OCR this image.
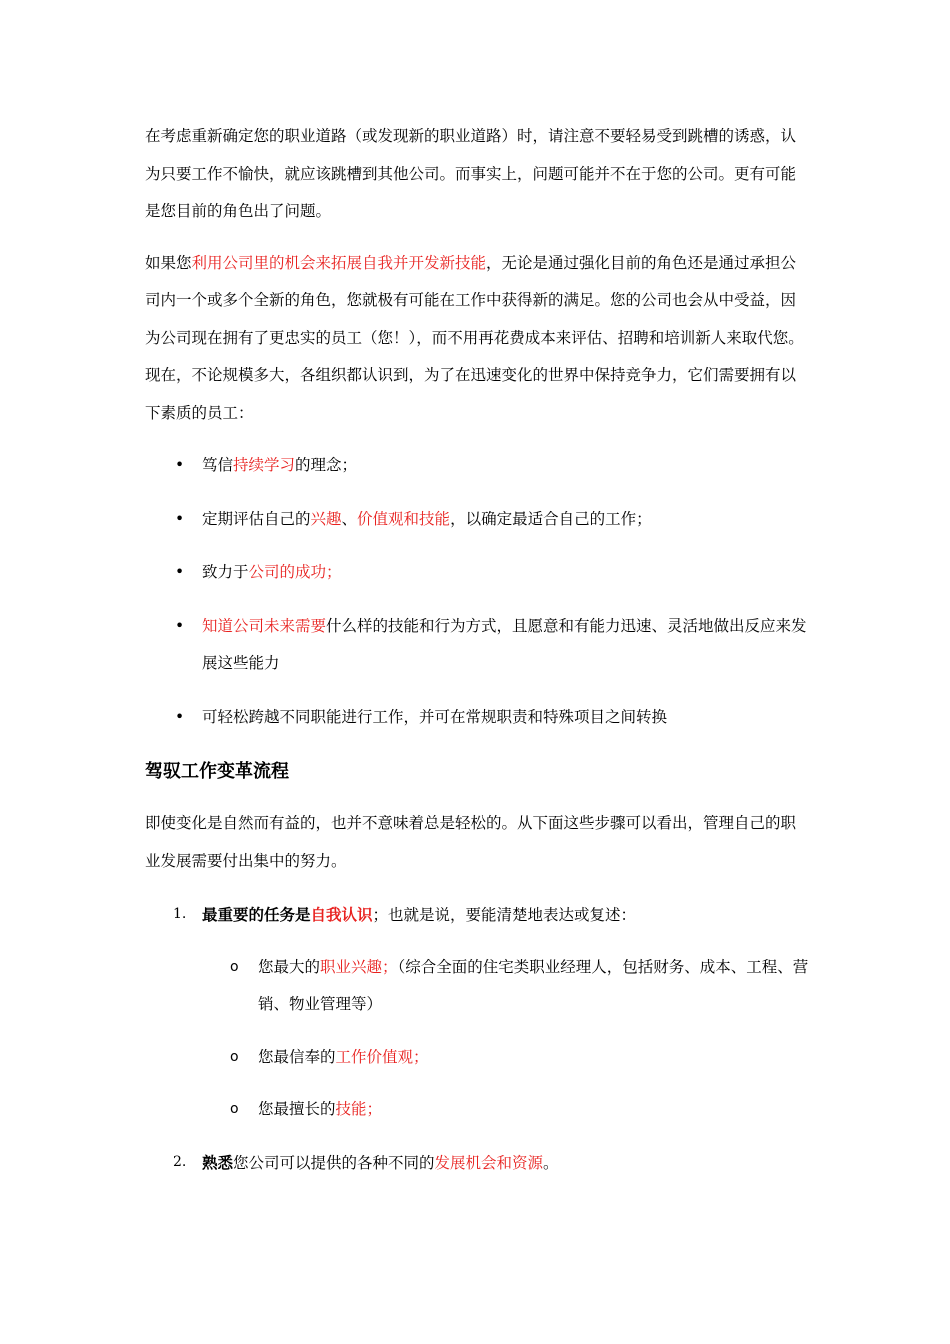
在考虑重新确定您的职业道路（或发现新的职业道路）时，请注意不要轻易受到跳槽的诱惑，认为只要工作不愉快，就应该跳槽到其他公司。而事实上，问题可能并不在于您的公司。更有可能是您目前的角色出了问题。

如果您利用公司里的机会来拓展自我并开发新技能，无论是通过强化目前的角色还是通过承担公司内一个或多个全新的角色，您就极有可能在工作中获得新的满足。您的公司也会从中受益，因为公司现在拥有了更忠实的员工（您！），而不用再花费成本来评估、招聘和培训新人来取代您。现在，不论规模多大，各组织都认识到，为了在迅速变化的世界中保持竞争力，它们需要拥有以下素质的员工：

• 笃信持续学习的理念；
• 定期评估自己的兴趣、价值观和技能，以确定最适合自己的工作；
• 致力于公司的成功；
• 知道公司未来需要什么样的技能和行为方式，且愿意和有能力迅速、灵活地做出反应来发展这些能力
• 可轻松跨越不同职能进行工作，并可在常规职责和特殊项目之间转换
驾驭工作变革流程

即使变化是自然而有益的，也并不意味着总是轻松的。从下面这些步骤可以看出，管理自己的职业发展需要付出集中的努力。

1. 最重要的任务是自我认识；也就是说，要能清楚地表达或复述：
o 您最大的职业兴趣；（综合全面的住宅类职业经理人，包括财务、成本、工程、营销、物业管理等）
o 您最信奉的工作价值观；
o 您最擅长的技能；
2. 熟悉您公司可以提供的各种不同的发展机会和资源。
